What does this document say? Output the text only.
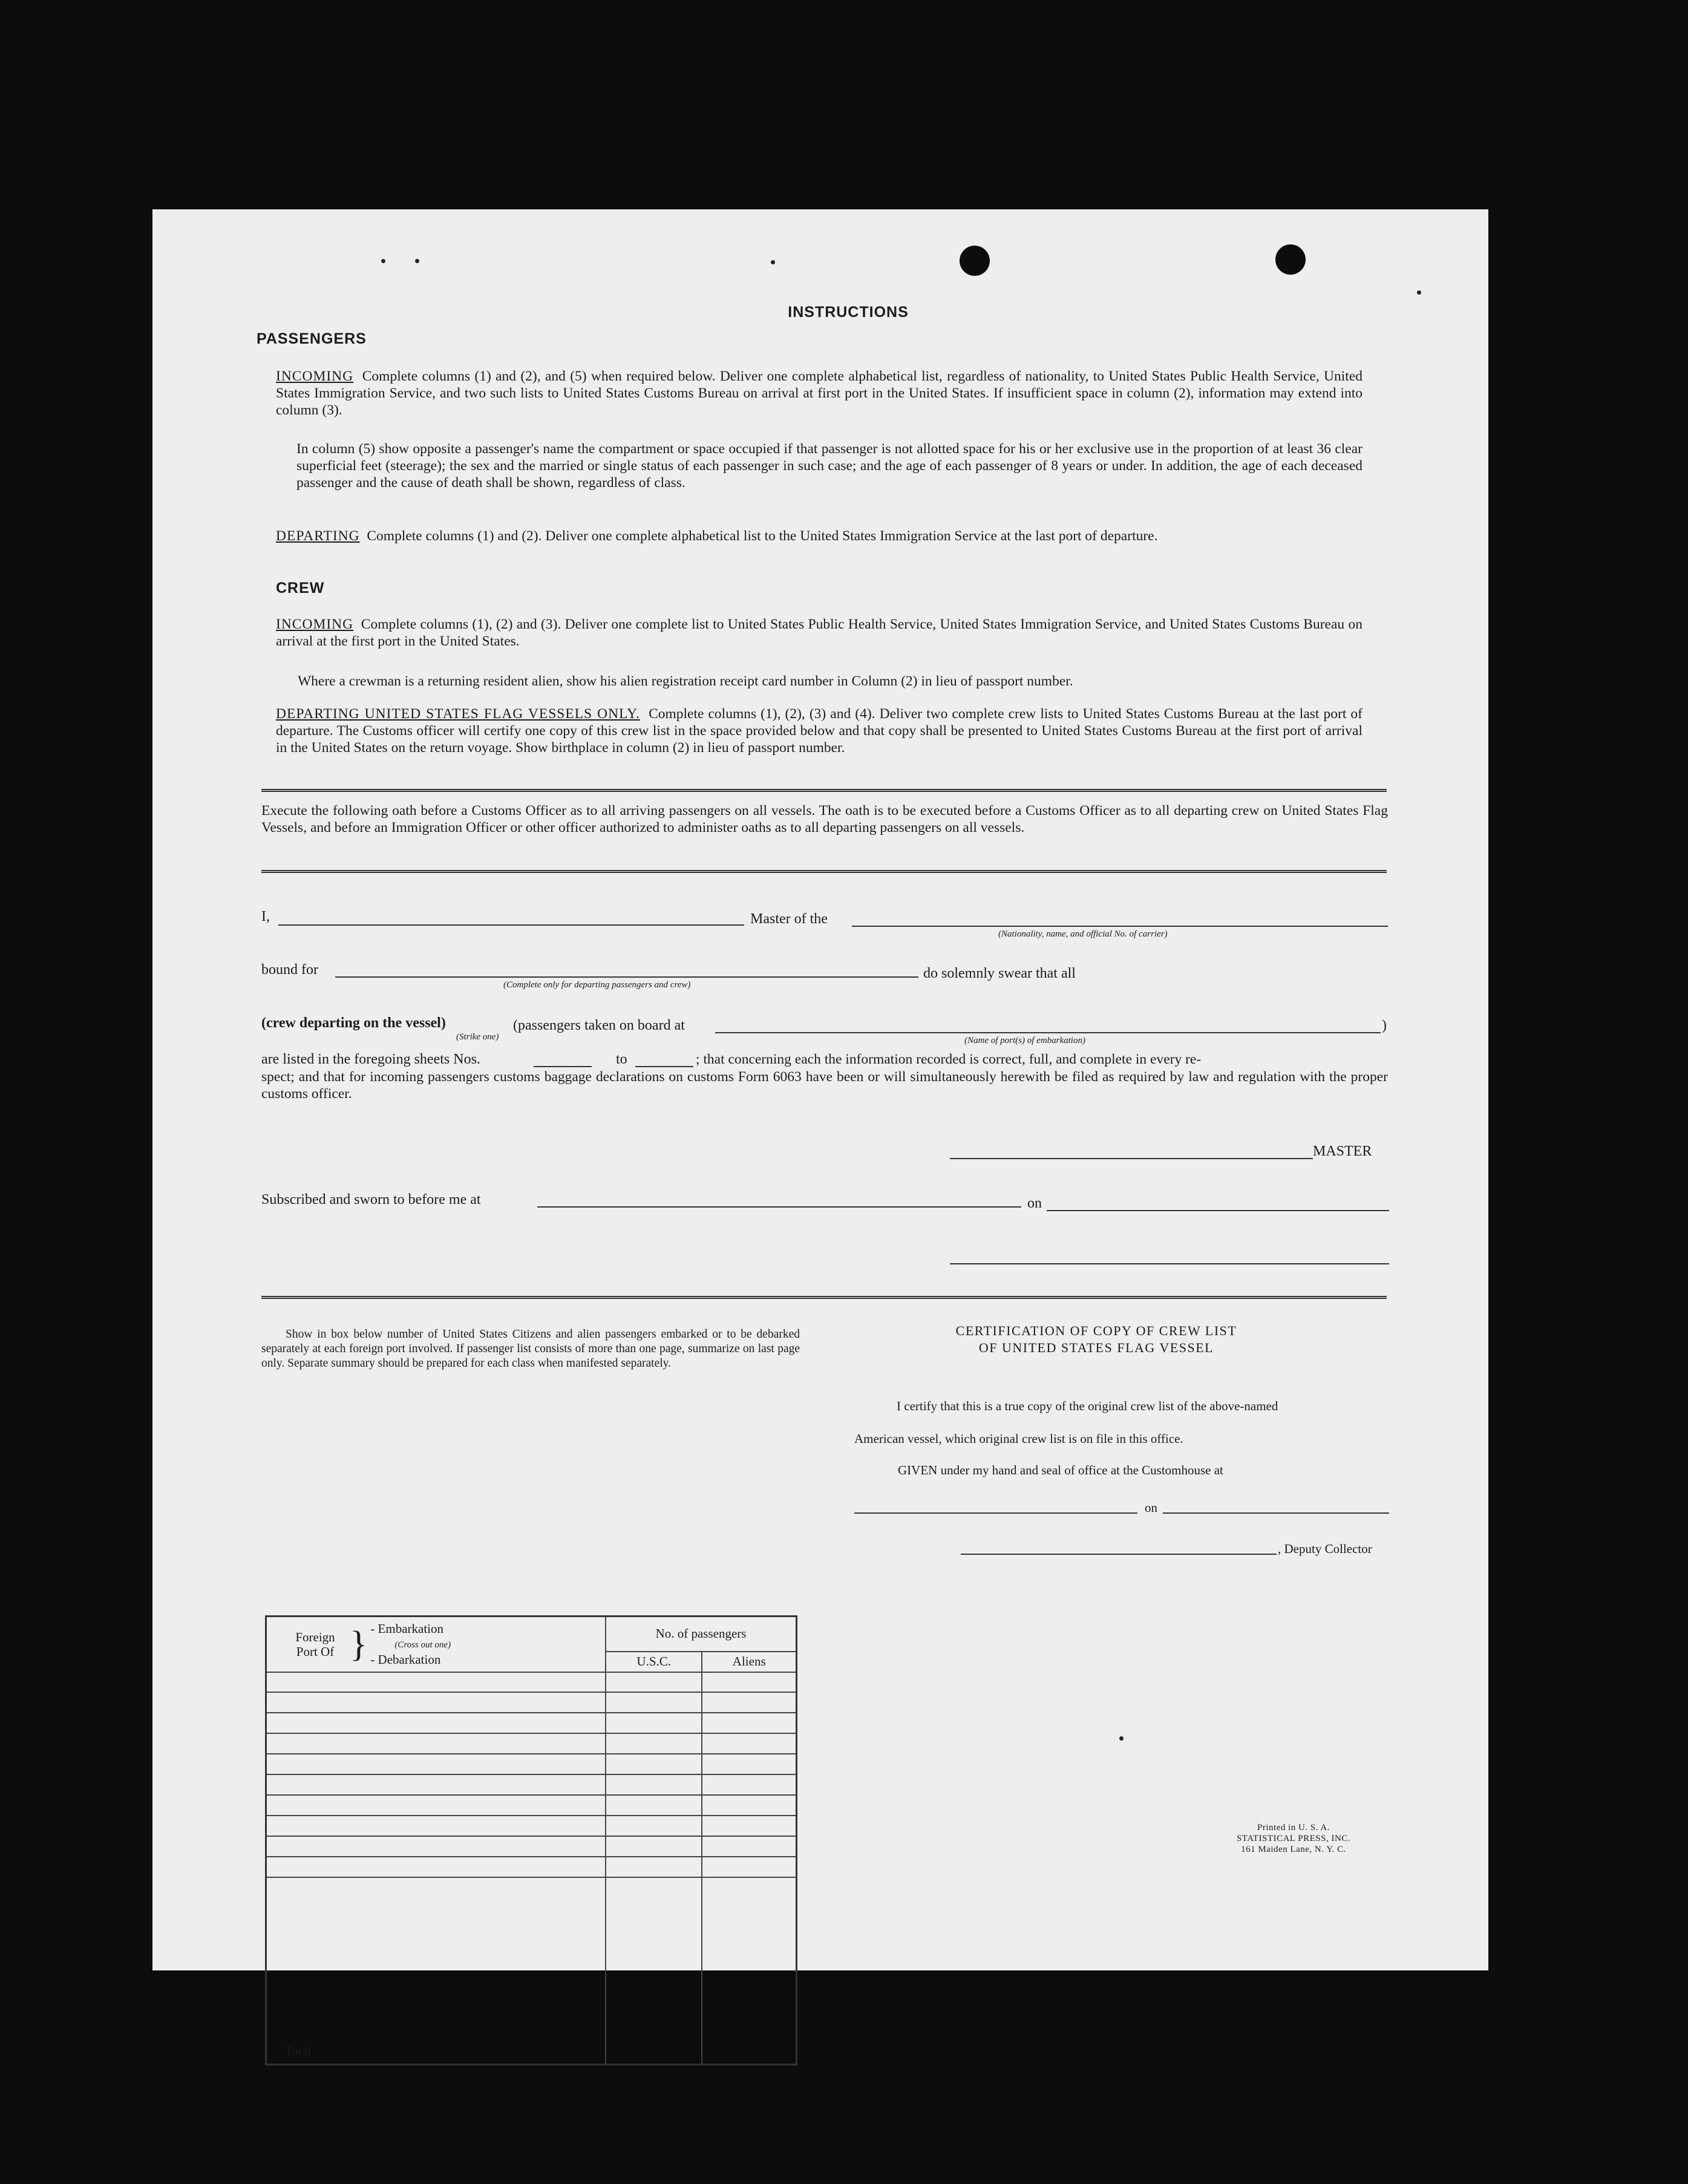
INSTRUCTIONS
PASSENGERS
INCOMING Complete columns (1) and (2), and (5) when required below. Deliver one complete alphabetical list, regardless of nationality, to United States Public Health Service, United States Immigration Service, and two such lists to United States Customs Bureau on arrival at first port in the United States. If insufficient space in column (2), information may extend into column (3).
In column (5) show opposite a passenger's name the compartment or space occupied if that passenger is not allotted space for his or her exclusive use in the proportion of at least 36 clear superficial feet (steerage); the sex and the married or single status of each passenger in such case; and the age of each passenger of 8 years or under. In addition, the age of each deceased passenger and the cause of death shall be shown, regardless of class.
DEPARTING Complete columns (1) and (2). Deliver one complete alphabetical list to the United States Immigration Service at the last port of departure.
CREW
INCOMING Complete columns (1), (2) and (3). Deliver one complete list to United States Public Health Service, United States Immigration Service, and United States Customs Bureau on arrival at the first port in the United States.
Where a crewman is a returning resident alien, show his alien registration receipt card number in Column (2) in lieu of passport number.
DEPARTING UNITED STATES FLAG VESSELS ONLY. Complete columns (1), (2), (3) and (4). Deliver two complete crew lists to United States Customs Bureau at the last port of departure. The Customs officer will certify one copy of this crew list in the space provided below and that copy shall be presented to United States Customs Bureau at the first port of arrival in the United States on the return voyage. Show birthplace in column (2) in lieu of passport number.
Execute the following oath before a Customs Officer as to all arriving passengers on all vessels. The oath is to be executed before a Customs Officer as to all departing crew on United States Flag Vessels, and before an Immigration Officer or other officer authorized to administer oaths as to all departing passengers on all vessels.
I,	Master of the
(Nationality, name, and official No. of carrier)
bound for
(Complete only for departing passengers and crew)
do solemnly swear that all
(crew departing on the vessel)
(Strike one)
(passengers taken on board at	)
(Name of port(s) of embarkation)
are listed in the foregoing sheets Nos.	to	; that concerning each the information recorded is correct, full, and complete in every re-
spect; and that for incoming passengers customs baggage declarations on customs Form 6063 have been or will simultaneously herewith be filed as required by law and regulation with the proper customs officer.
MASTER
Subscribed and sworn to before me at	on
Show in box below number of United States Citizens and alien passengers embarked or to be debarked separately at each foreign port involved. If passenger list consists of more than one page, summarize on last page only. Separate summary should be prepared for each class when manifested separately.
Foreign Port Of } - Embarkation
(Cross out one)
- Debarkation	No. of passengers	
	U.S.C.	Aliens

Total		
CERTIFICATION OF COPY OF CREW LIST
OF UNITED STATES FLAG VESSEL
I certify that this is a true copy of the original crew list of the above-named
American vessel, which original crew list is on file in this office.
GIVEN under my hand and seal of office at the Customhouse at
on
, Deputy Collector
Printed in U. S. A.
STATISTICAL PRESS, INC.
161 Maiden Lane, N. Y. C.
